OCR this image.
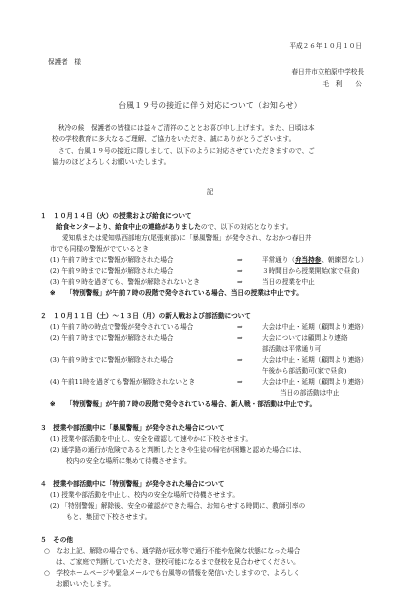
平成２６年１０月１０日
保護者　様
春日井市立柏原中学校長
毛　利　　公
台風１９号の接近に伴う対応について（お知らせ）
秋冷の候　保護者の皆様には益々ご清祥のこととお喜び申し上げます。また、日頃は本
校の学校教育に多大なるご理解、ご協力をいただき、誠にありがとうございます。
さて、台風１９号の接近に際しまして、以下のように対応させていただきますので、ご
協力のほどよろしくお願いいたします。
記
１　１０月１４日（火）の授業および給食について
給食センターより、給食中止の連絡がありましたので、以下の対応となります。
愛知県または愛知県西部地方(尾張東部)に「暴風警報」が発令され、なおかつ春日井
市でも同様の警報がでているとき
(1) 午前７時までに警報が解除された場合	⇒	平常通り（弁当持参、朝練習なし）
(2) 午前９時までに警報が解除された場合	⇒	３時間目から授業開始(家で昼食)
(3) 午前９時を過ぎても、警報が解除されないとき	⇒	当日の授業を中止
※ 「特別警報」が午前７時の段階で発令されている場合、当日の授業は中止です。
２　１０月１１日（土）～１３日（月）の新人戦および部活動について
(1) 午前７時の時点で警報が発令されている場合	⇒	大会は中止・延期（顧問より連絡）
(2) 午前７時までに警報が解除された場合	⇒	大会については顧問より連絡
部活動は平常通り可
(3) 午前９時までに警報が解除された場合	⇒	大会は中止・延期（顧問より連絡）
午後から部活動可(家で昼食)
(4) 午前11時を過ぎても警報が解除されないとき	⇒	大会は中止・延期（顧問より連絡）
当日の部活動は中止
※ 「特別警報」が午前７時の段階で発令されている場合、新人戦・部活動は中止です。
３　授業や部活動中に「暴風警報」が発令された場合について
(1) 授業や部活動を中止し、安全を確認して速やかに下校させます。
(2) 通学路の通行が危険であると判断したときや生徒の帰宅が困難と認めた場合には、
校内の安全な場所に集めて待機させます。
４　授業や部活動中に「特別警報」が発令された場合について
(1) 授業や部活動を中止し、校内の安全な場所で待機させます。
(2) 「特別警報」解除後、安全の確認ができた場合、お知らせする時間に、教師引率の
もと、集団で下校させます。
５　その他
○　なお上記、解除の場合でも、通学路が冠水等で通行不能や危険な状態になった場合
は、ご家庭で判断していただき、登校可能になるまで登校を見合わせてください。
○　学校ホームページや緊急メールでも台風等の情報を発信いたしますので、よろしく
お願いいたします。
